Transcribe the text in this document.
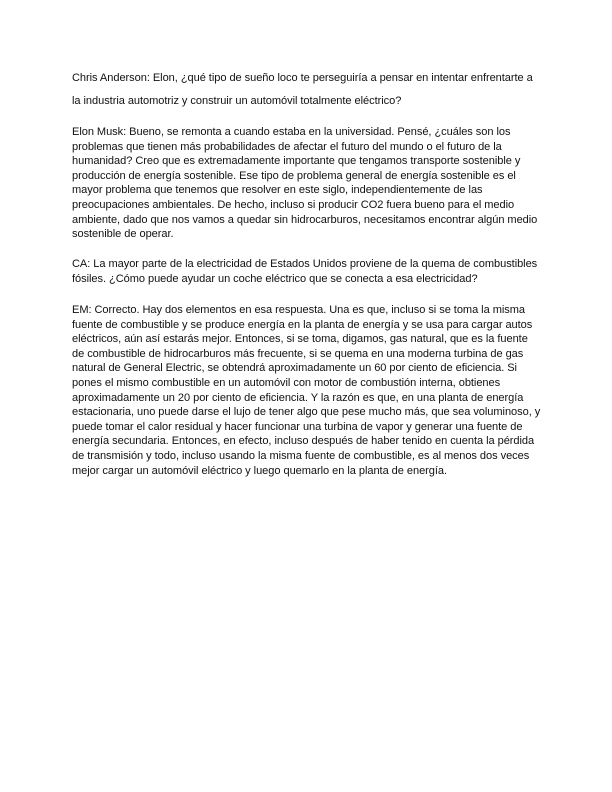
Chris Anderson: Elon, ¿qué tipo de sueño loco te perseguiría a pensar en intentar enfrentarte a la industria automotriz y construir un automóvil totalmente eléctrico?

Elon Musk: Bueno, se remonta a cuando estaba en la universidad. Pensé, ¿cuáles son los problemas que tienen más probabilidades de afectar el futuro del mundo o el futuro de la humanidad? Creo que es extremadamente importante que tengamos transporte sostenible y producción de energía sostenible. Ese tipo de problema general de energía sostenible es el mayor problema que tenemos que resolver en este siglo, independientemente de las preocupaciones ambientales. De hecho, incluso si producir CO2 fuera bueno para el medio ambiente, dado que nos vamos a quedar sin hidrocarburos, necesitamos encontrar algún medio sostenible de operar.

CA: La mayor parte de la electricidad de Estados Unidos proviene de la quema de combustibles fósiles. ¿Cómo puede ayudar un coche eléctrico que se conecta a esa electricidad?

EM: Correcto. Hay dos elementos en esa respuesta. Una es que, incluso si se toma la misma fuente de combustible y se produce energía en la planta de energía y se usa para cargar autos eléctricos, aún así estarás mejor. Entonces, si se toma, digamos, gas natural, que es la fuente de combustible de hidrocarburos más frecuente, si se quema en una moderna turbina de gas natural de General Electric, se obtendrá aproximadamente un 60 por ciento de eficiencia. Si pones el mismo combustible en un automóvil con motor de combustión interna, obtienes aproximadamente un 20 por ciento de eficiencia. Y la razón es que, en una planta de energía estacionaria, uno puede darse el lujo de tener algo que pese mucho más, que sea voluminoso, y puede tomar el calor residual y hacer funcionar una turbina de vapor y generar una fuente de energía secundaria. Entonces, en efecto, incluso después de haber tenido en cuenta la pérdida de transmisión y todo, incluso usando la misma fuente de combustible, es al menos dos veces mejor cargar un automóvil eléctrico y luego quemarlo en la planta de energía.
